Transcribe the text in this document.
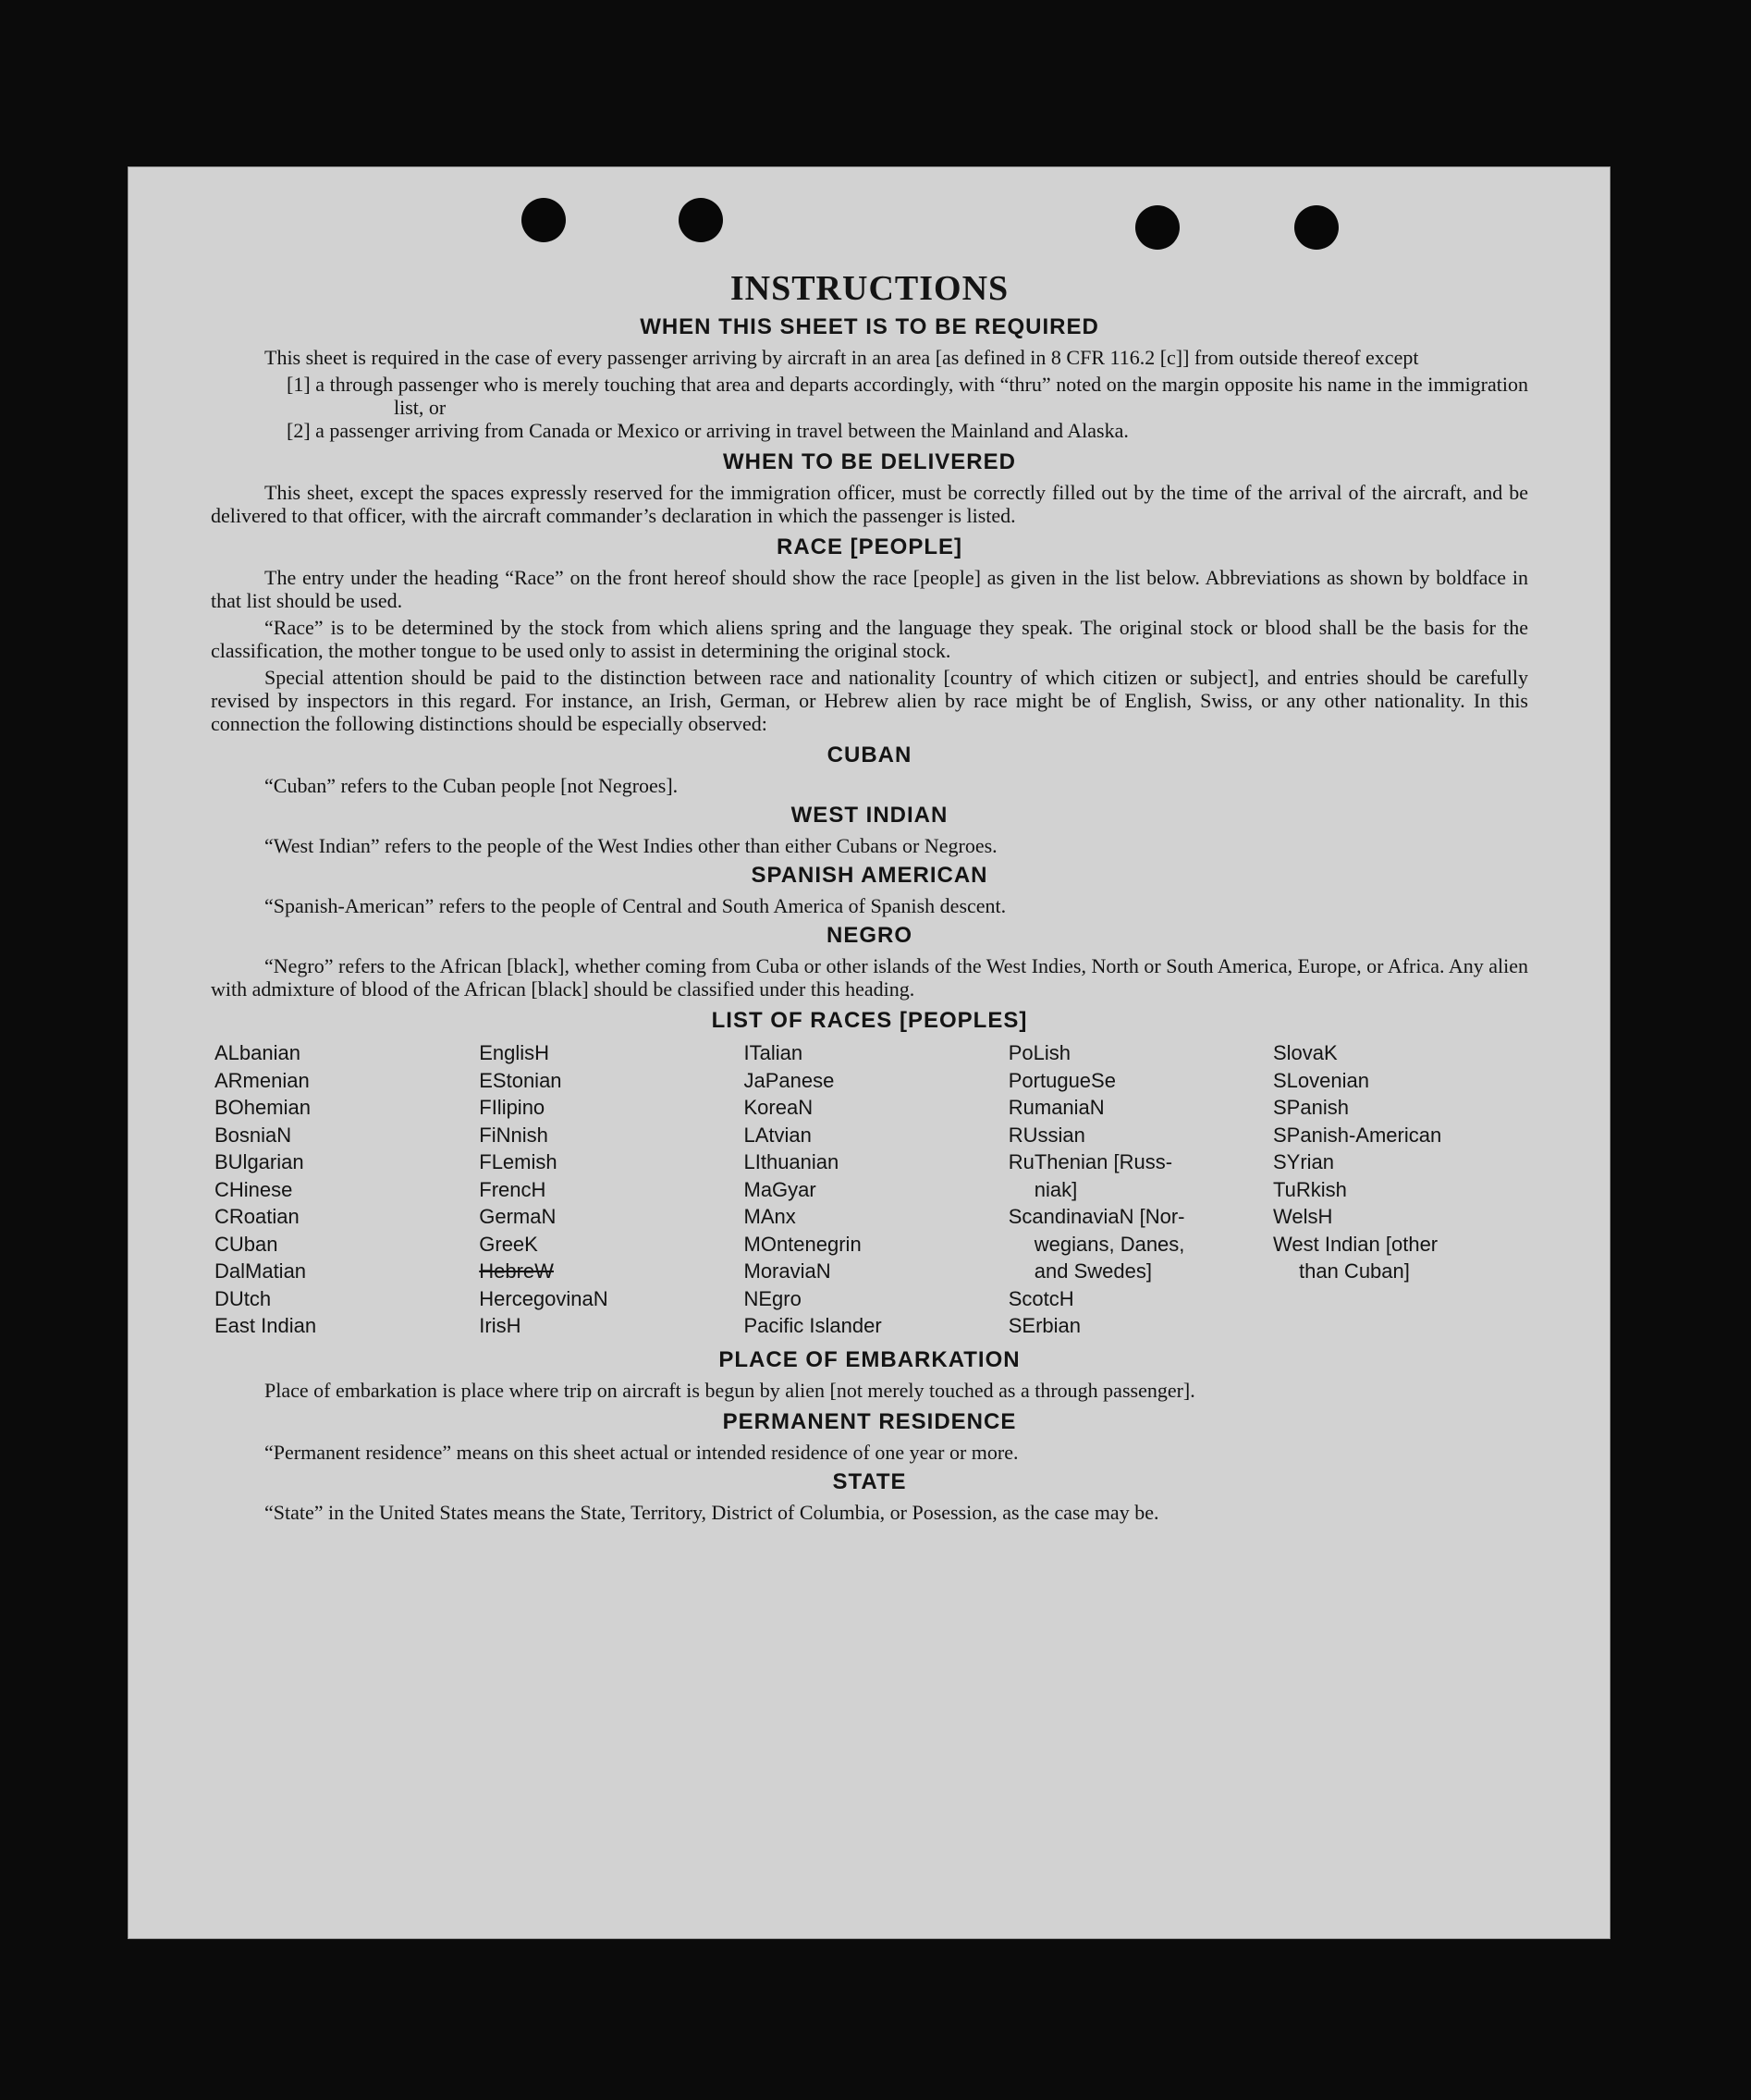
INSTRUCTIONS
WHEN THIS SHEET IS TO BE REQUIRED

This sheet is required in the case of every passenger arriving by aircraft in an area [as defined in 8 CFR 116.2 [c]] from outside thereof except

[1] a through passenger who is merely touching that area and departs accordingly, with “thru” noted on the margin opposite his name in the immigration list, or

[2] a passenger arriving from Canada or Mexico or arriving in travel between the Mainland and Alaska.

WHEN TO BE DELIVERED

This sheet, except the spaces expressly reserved for the immigration officer, must be correctly filled out by the time of the arrival of the aircraft, and be delivered to that officer, with the aircraft commander’s declaration in which the passenger is listed.

RACE [PEOPLE]

The entry under the heading “Race” on the front hereof should show the race [people] as given in the list below. Abbreviations as shown by boldface in that list should be used.

“Race” is to be determined by the stock from which aliens spring and the language they speak. The original stock or blood shall be the basis for the classification, the mother tongue to be used only to assist in determining the original stock.

Special attention should be paid to the distinction between race and nationality [country of which citizen or subject], and entries should be carefully revised by inspectors in this regard. For instance, an Irish, German, or Hebrew alien by race might be of English, Swiss, or any other nationality. In this connection the following distinctions should be especially observed:

CUBAN

“Cuban” refers to the Cuban people [not Negroes].

WEST INDIAN

“West Indian” refers to the people of the West Indies other than either Cubans or Negroes.

SPANISH AMERICAN

“Spanish-American” refers to the people of Central and South America of Spanish descent.

NEGRO

“Negro” refers to the African [black], whether coming from Cuba or other islands of the West Indies, North or South America, Europe, or Africa. Any alien with admixture of blood of the African [black] should be classified under this heading.

LIST OF RACES [PEOPLES]
ALbanian
ARmenian
BOhemian
BosniaN
BUlgarian
CHinese
CRoatian
CUban
DalMatian
DUtch
East Indian
EnglisH
EStonian
FIlipino
FiNnish
FLemish
FrencH
GermaN
GreeK
HebreW
HercegovinaN
IrisH
ITalian
JaPanese
KoreaN
LAtvian
LIthuanian
MaGyar
MAnx
MOntenegrin
MoraviaN
NEgro
Pacific Islander
PoLish
PortugueSe
RumaniaN
RUssian
RuThenian [Russ-
niak]
ScandinaviaN [Nor-
wegians, Danes,
and Swedes]
ScotcH
SErbian
SlovaK
SLovenian
SPanish
SPanish-American
SYrian
TuRkish
WelsH
West Indian [other
than Cuban]
PLACE OF EMBARKATION

Place of embarkation is place where trip on aircraft is begun by alien [not merely touched as a through passenger].

PERMANENT RESIDENCE

“Permanent residence” means on this sheet actual or intended residence of one year or more.

STATE

“State” in the United States means the State, Territory, District of Columbia, or Posession, as the case may be.
